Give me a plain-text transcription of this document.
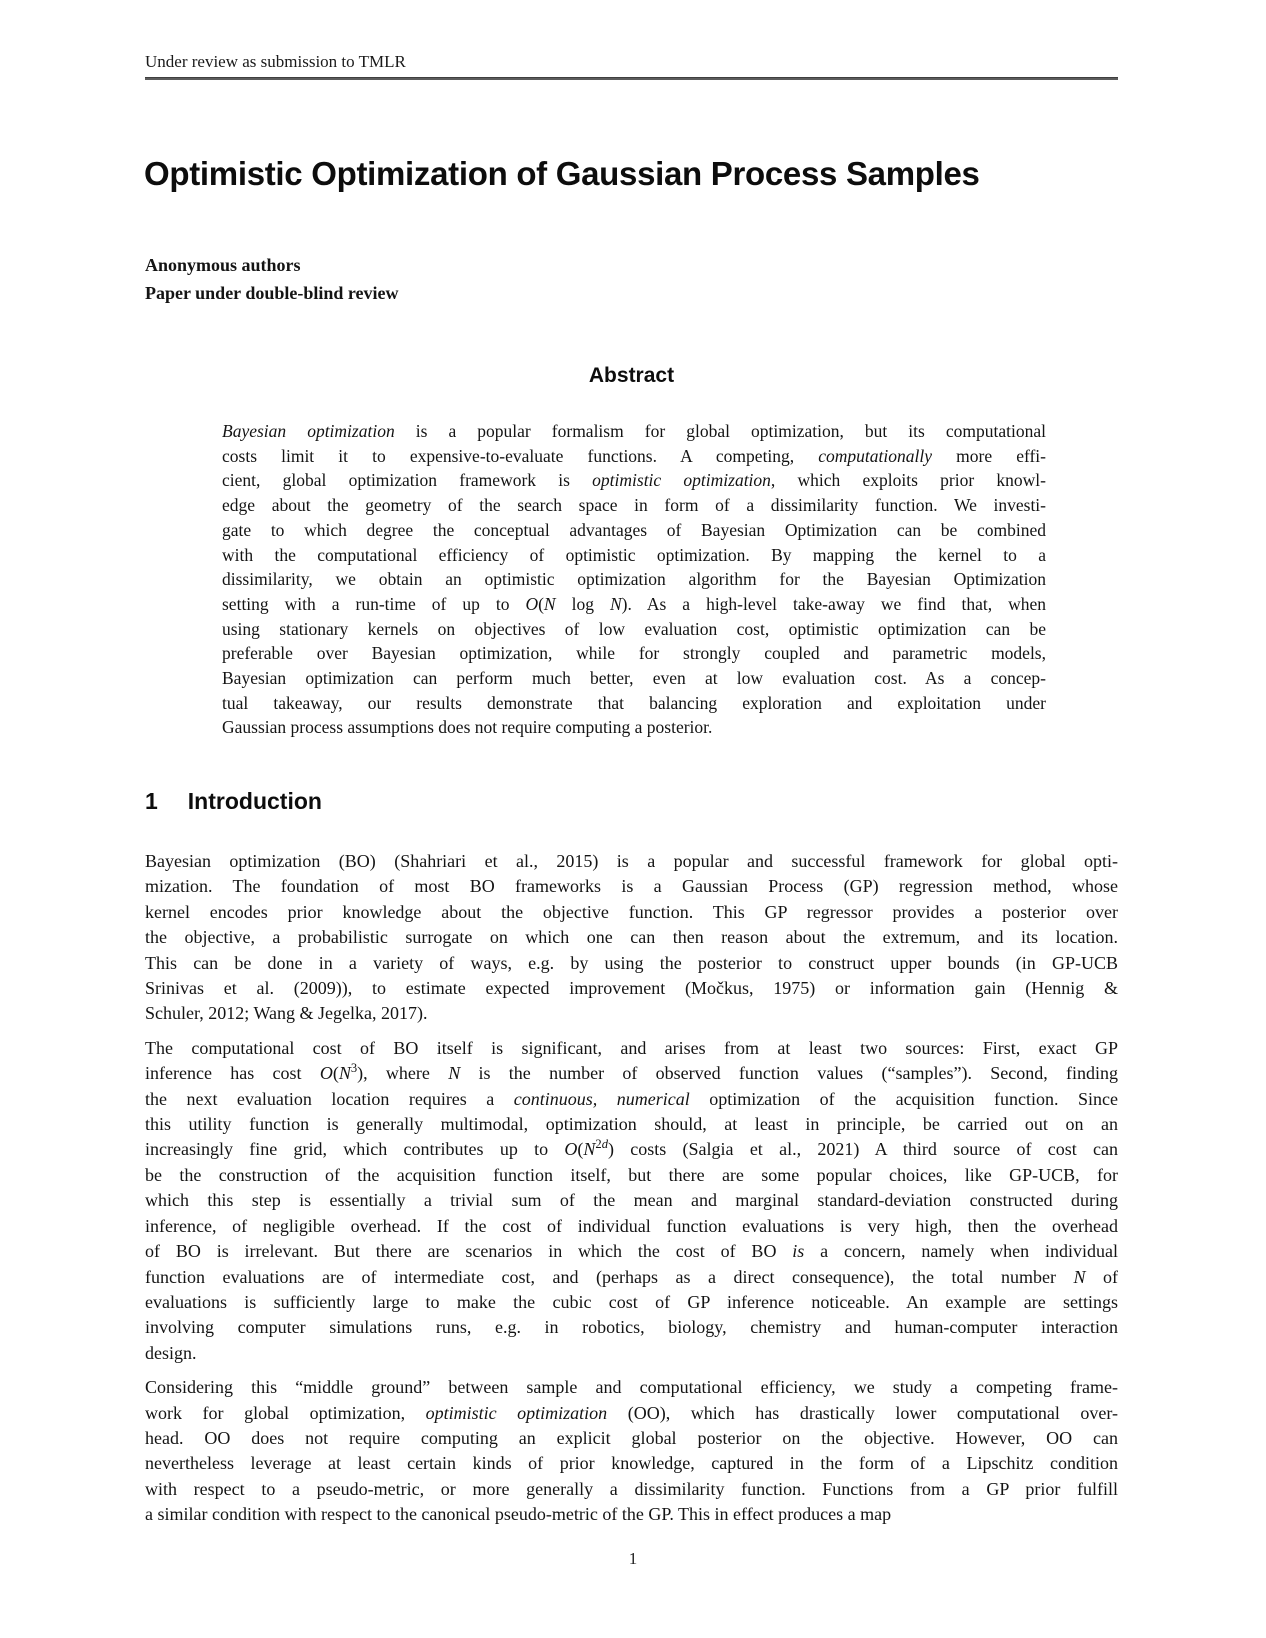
Under review as submission to TMLR
Optimistic Optimization of Gaussian Process Samples
Anonymous authors
Paper under double-blind review
Abstract
Bayesian optimization is a popular formalism for global optimization, but its computational
costs limit it to expensive-to-evaluate functions. A competing, computationally more effi-
cient, global optimization framework is optimistic optimization, which exploits prior knowl-
edge about the geometry of the search space in form of a dissimilarity function. We investi-
gate to which degree the conceptual advantages of Bayesian Optimization can be combined
with the computational efficiency of optimistic optimization. By mapping the kernel to a
dissimilarity, we obtain an optimistic optimization algorithm for the Bayesian Optimization
setting with a run-time of up to O(N log N). As a high-level take-away we find that, when
using stationary kernels on objectives of low evaluation cost, optimistic optimization can be
preferable over Bayesian optimization, while for strongly coupled and parametric models,
Bayesian optimization can perform much better, even at low evaluation cost. As a concep-
tual takeaway, our results demonstrate that balancing exploration and exploitation under
Gaussian process assumptions does not require computing a posterior.
1 Introduction
Bayesian optimization (BO) (Shahriari et al., 2015) is a popular and successful framework for global opti-
mization. The foundation of most BO frameworks is a Gaussian Process (GP) regression method, whose
kernel encodes prior knowledge about the objective function. This GP regressor provides a posterior over
the objective, a probabilistic surrogate on which one can then reason about the extremum, and its location.
This can be done in a variety of ways, e.g. by using the posterior to construct upper bounds (in GP-UCB
Srinivas et al. (2009)), to estimate expected improvement (Močkus, 1975) or information gain (Hennig &
Schuler, 2012; Wang & Jegelka, 2017).
The computational cost of BO itself is significant, and arises from at least two sources: First, exact GP
inference has cost $O(N^3)$, where N is the number of observed function values (“samples”). Second, finding
the next evaluation location requires a continuous, numerical optimization of the acquisition function. Since
this utility function is generally multimodal, optimization should, at least in principle, be carried out on an
increasingly fine grid, which contributes up to $O(N^{2d})$ costs (Salgia et al., 2021) A third source of cost can
be the construction of the acquisition function itself, but there are some popular choices, like GP-UCB, for
which this step is essentially a trivial sum of the mean and marginal standard-deviation constructed during
inference, of negligible overhead. If the cost of individual function evaluations is very high, then the overhead
of BO is irrelevant. But there are scenarios in which the cost of BO is a concern, namely when individual
function evaluations are of intermediate cost, and (perhaps as a direct consequence), the total number N of
evaluations is sufficiently large to make the cubic cost of GP inference noticeable. An example are settings
involving computer simulations runs, e.g. in robotics, biology, chemistry and human-computer interaction
design.
Considering this “middle ground” between sample and computational efficiency, we study a competing frame-
work for global optimization, optimistic optimization (OO), which has drastically lower computational over-
head. OO does not require computing an explicit global posterior on the objective. However, OO can
nevertheless leverage at least certain kinds of prior knowledge, captured in the form of a Lipschitz condition
with respect to a pseudo-metric, or more generally a dissimilarity function. Functions from a GP prior fulfill
a similar condition with respect to the canonical pseudo-metric of the GP. This in effect produces a map
1
